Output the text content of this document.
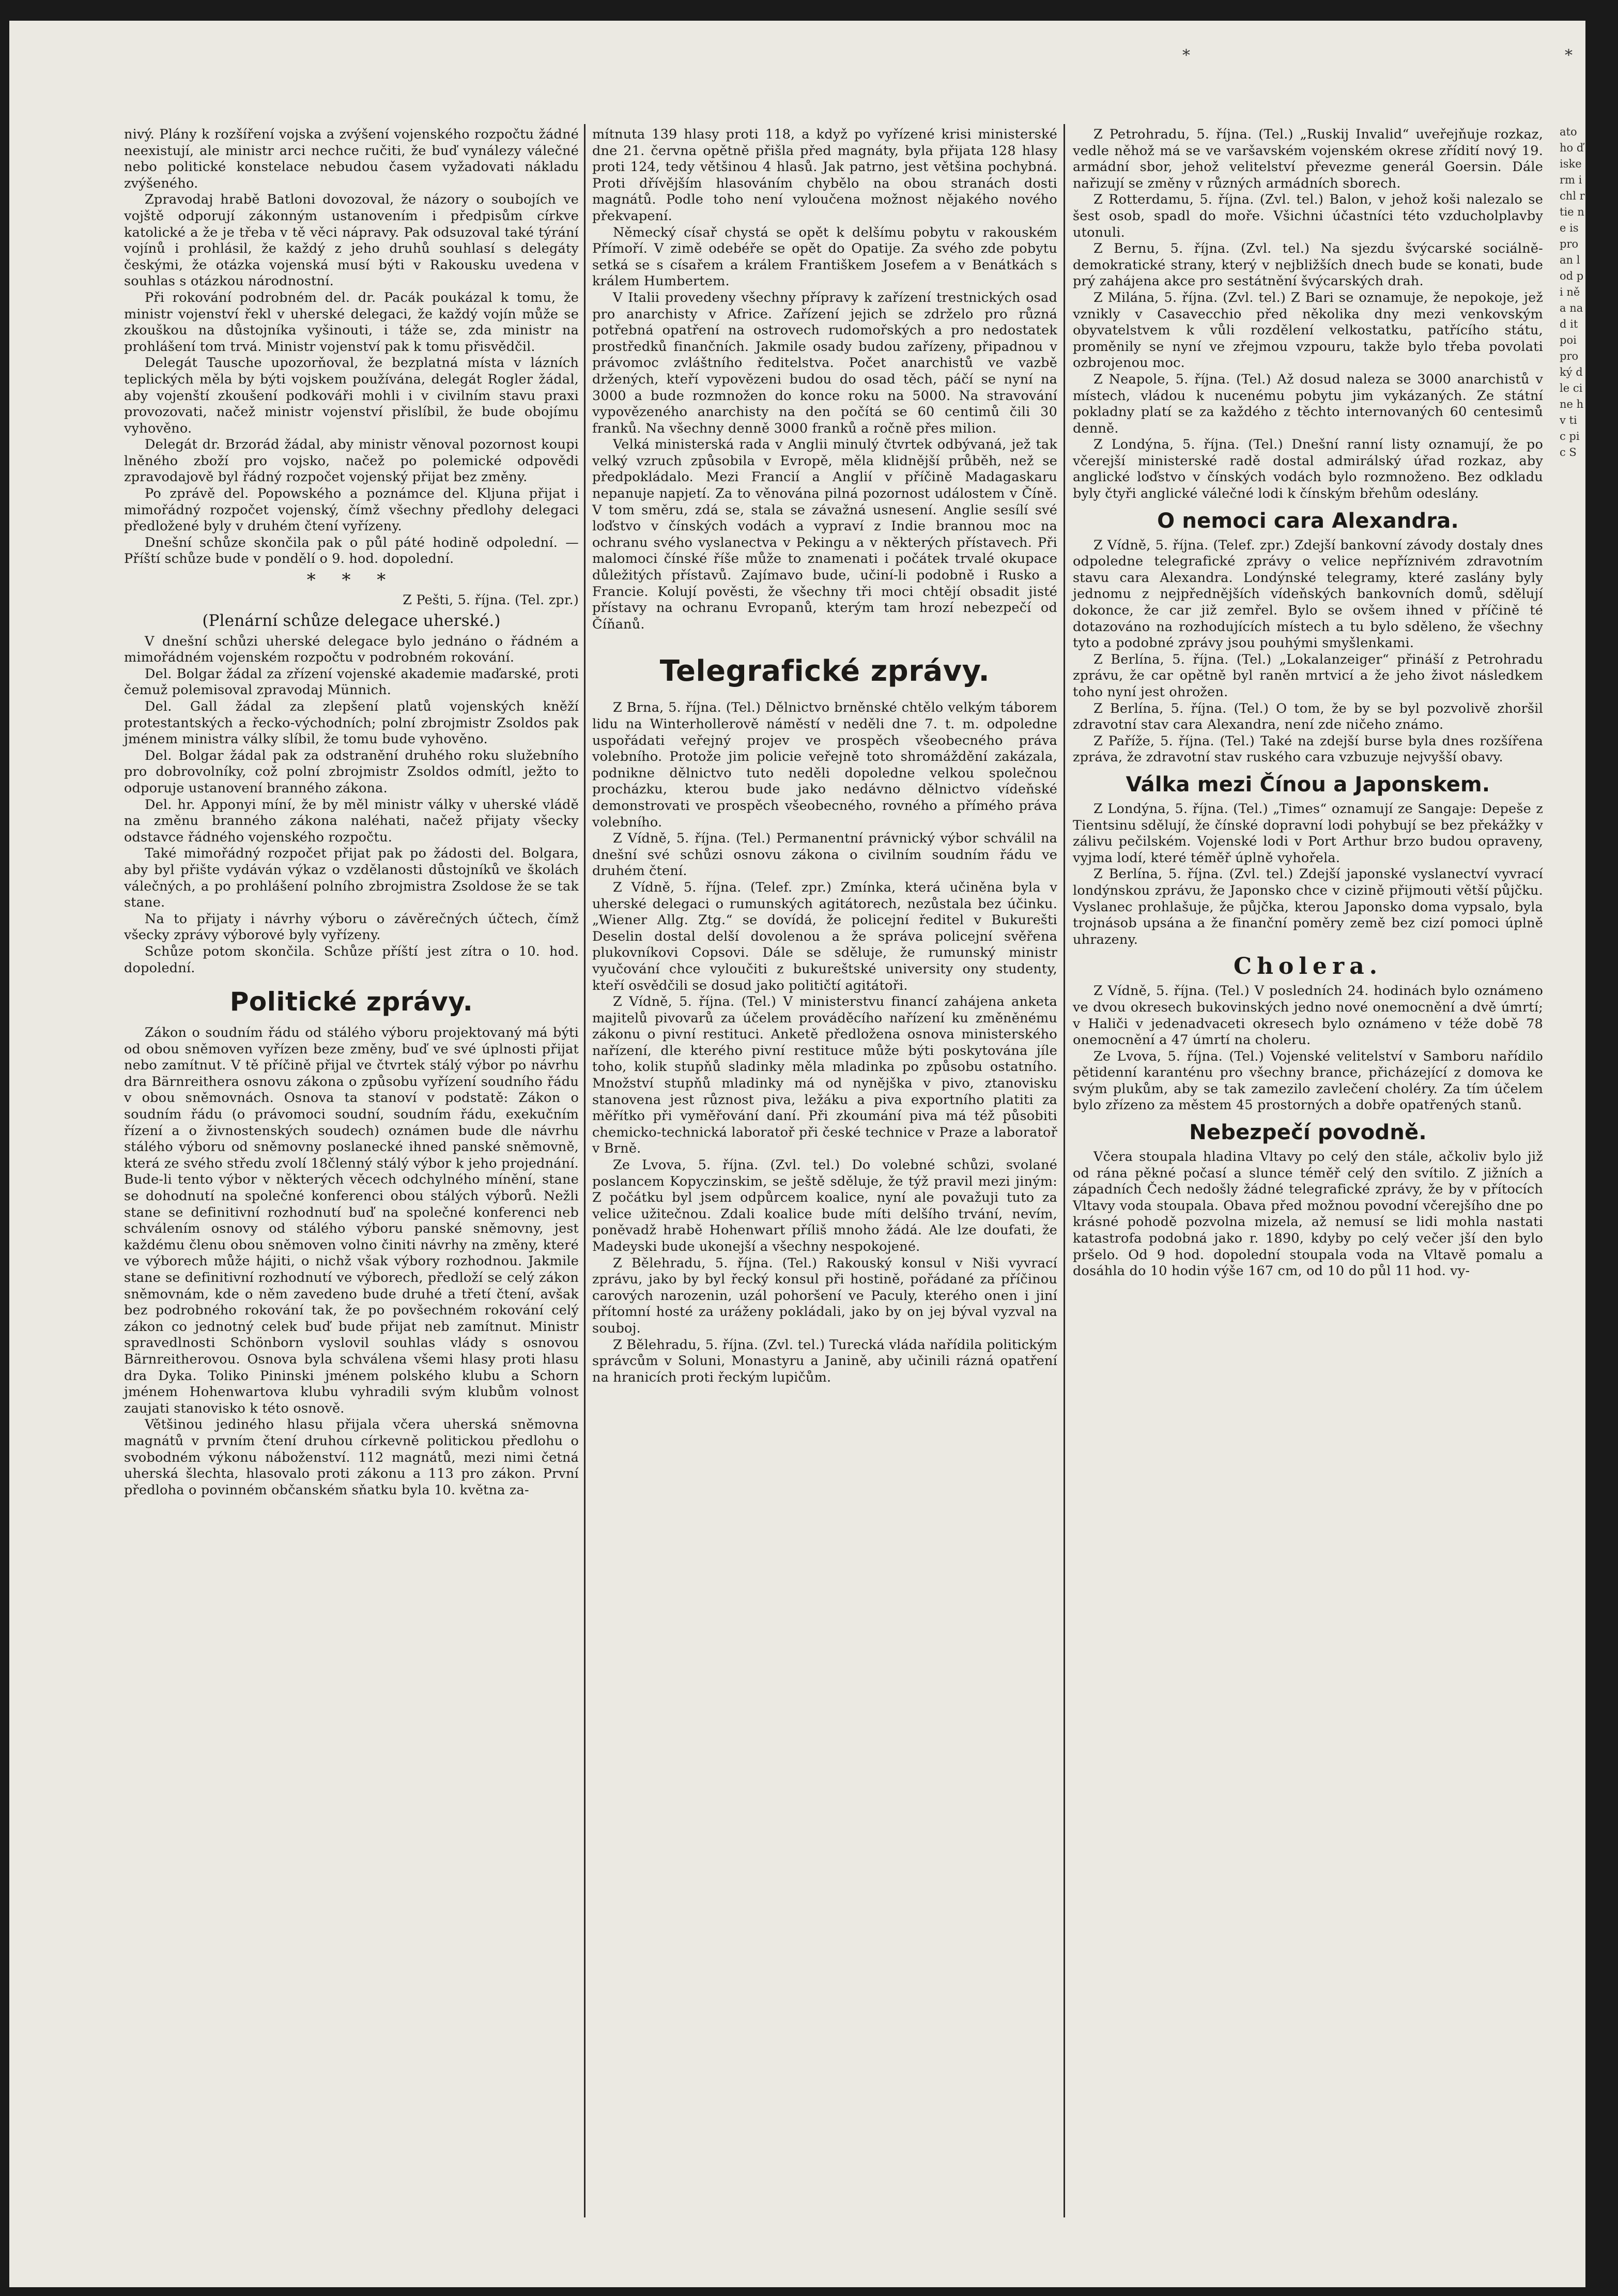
*	*

nivý. Plány k rozšíření vojska a zvýšení vojenského rozpočtu žádné neexistují, ale ministr arci nechce ručiti, že buď vynálezy válečné nebo politické konstelace nebudou časem vyžadovati nákladu zvýšeného.

Zpravodaj hrabě Batloni dovozoval, že názory o soubojích ve vojště odporují zákonným ustanovením i předpisům církve katolické a že je třeba v tě věci nápravy. Pak odsuzoval také týrání vojínů i prohlásil, že každý z jeho druhů souhlasí s delegáty českými, že otázka vojenská musí býti v Rakousku uvedena v souhlas s otázkou národnostní.

Při rokování podrobném del. dr. Pacák poukázal k tomu, že ministr vojenství řekl v uherské delegaci, že každý vojín může se zkouškou na důstojníka vyšinouti, i táže se, zda ministr na prohlášení tom trvá. Ministr vojenství pak k tomu přisvědčil.

Delegát Tausche upozorňoval, že bezplatná místa v lázních teplických měla by býti vojskem používána, delegát Rogler žádal, aby vojenští zkoušení podkováři mohli i v civilním stavu praxi provozovati, načež ministr vojenství přislíbil, že bude obojímu vyhověno.

Delegát dr. Brzorád žádal, aby ministr věnoval pozornost koupi lněného zboží pro vojsko, načež po polemické odpovědi zpravodajově byl řádný rozpočet vojenský přijat bez změny.

Po zprávě del. Popowského a poznámce del. Kljuna přijat i mimořádný rozpočet vojenský, čímž všechny předlohy delegaci předložené byly v druhém čtení vyřízeny.

Dnešní schůze skončila pak o půl páté hodině odpolední. — Příští schůze bude v pondělí o 9. hod. dopolední.

* * *
Z Pešti, 5. října. (Tel. zpr.)
(Plenární schůze delegace uherské.)

V dnešní schůzi uherské delegace bylo jednáno o řádném a mimořádném vojenském rozpočtu v podrobném rokování.

Del. Bolgar žádal za zřízení vojenské akademie maďarské, proti čemuž polemisoval zpravodaj Münnich.

Del. Gall žádal za zlepšení platů vojenských kněží protestantských a řecko-východních; polní zbrojmistr Zsoldos pak jménem ministra války slíbil, že tomu bude vyhověno.

Del. Bolgar žádal pak za odstranění druhého roku služebního pro dobrovolníky, což polní zbrojmistr Zsoldos odmítl, ježto to odporuje ustanovení branného zákona.

Del. hr. Apponyi míní, že by měl ministr války v uherské vládě na změnu branného zákona naléhati, načež přijaty všecky odstavce řádného vojenského rozpočtu.

Také mimořádný rozpočet přijat pak po žádosti del. Bolgara, aby byl přište vydáván výkaz o vzdělanosti důstojníků ve školách válečných, a po prohlášení polního zbrojmistra Zsoldose že se tak stane.

Na to přijaty i návrhy výboru o závěrečných účtech, čímž všecky zprávy výborové byly vyřízeny.

Schůze potom skončila. Schůze příští jest zítra o 10. hod. dopolední.

Politické zprávy.

Zákon o soudním řádu od stálého výboru projektovaný má býti od obou sněmoven vyřízen beze změny, buď ve své úplnosti přijat nebo zamítnut. V tě příčině přijal ve čtvrtek stálý výbor po návrhu dra Bärnreithera osnovu zákona o způsobu vyřízení soudního řádu v obou sněmovnách. Osnova ta stanoví v podstatě: Zákon o soudním řádu (o právomoci soudní, soudním řádu, exekučním řízení a o živnostenských soudech) oznámen bude dle návrhu stálého výboru od sněmovny poslanecké ihned panské sněmovně, která ze svého středu zvolí 18členný stálý výbor k jeho projednání. Bude-li tento výbor v některých věcech odchylného mínění, stane se dohodnutí na společné konferenci obou stálých výborů. Nežli stane se definitivní rozhodnutí buď na společné konferenci neb schválením osnovy od stálého výboru panské sněmovny, jest každému členu obou sněmoven volno činiti návrhy na změny, které ve výborech může hájiti, o nichž však výbory rozhodnou. Jakmile stane se definitivní rozhodnutí ve výborech, předloží se celý zákon sněmovnám, kde o něm zavedeno bude druhé a třetí čtení, avšak bez podrobného rokování tak, že po povšechném rokování celý zákon co jednotný celek buď bude přijat neb zamítnut. Ministr spravedlnosti Schönborn vyslovil souhlas vlády s osnovou Bärnreitherovou. Osnova byla schválena všemi hlasy proti hlasu dra Dyka. Toliko Pininski jménem polského klubu a Schorn jménem Hohenwartova klubu vyhradili svým klubům volnost zaujati stanovisko k této osnově.

Většinou jediného hlasu přijala včera uherská sněmovna magnátů v prvním čtení druhou církevně politickou předlohu o svobodném výkonu náboženství. 112 magnátů, mezi nimi četná uherská šlechta, hlasovalo proti zákonu a 113 pro zákon. První předloha o povinném občanském sňatku byla 10. května za-

mítnuta 139 hlasy proti 118, a když po vyřízené krisi ministerské dne 21. června opětně přišla před magnáty, byla přijata 128 hlasy proti 124, tedy většinou 4 hlasů. Jak patrno, jest většina pochybná. Proti dřívějším hlasováním chybělo na obou stranách dosti magnátů. Podle toho není vyloučena možnost nějakého nového překvapení.

Německý císař chystá se opět k delšímu pobytu v rakouském Přímoří. V zimě odebéře se opět do Opatije. Za svého zde pobytu setká se s císařem a králem Františkem Josefem a v Benátkách s králem Humbertem.

V Italii provedeny všechny přípravy k zařízení trestnických osad pro anarchisty v Africe. Zařízení jejich se zdrželo pro různá potřebná opatření na ostrovech rudomořských a pro nedostatek prostředků finančních. Jakmile osady budou zařízeny, připadnou v právomoc zvláštního ředitelstva. Počet anarchistů ve vazbě držených, kteří vypovězeni budou do osad těch, páčí se nyní na 3000 a bude rozmnožen do konce roku na 5000. Na stravování vypovězeného anarchisty na den počítá se 60 centimů čili 30 franků. Na všechny denně 3000 franků a ročně přes milion.

Velká ministerská rada v Anglii minulý čtvrtek odbývaná, jež tak velký vzruch způsobila v Evropě, měla klidnější průběh, než se předpokládalo. Mezi Francií a Anglií v příčině Madagaskaru nepanuje napjetí. Za to věnována pilná pozornost událostem v Číně. V tom směru, zdá se, stala se závažná usnesení. Anglie sesílí své loďstvo v čínských vodách a vypraví z Indie brannou moc na ochranu svého vyslanectva v Pekingu a v některých přístavech. Při malomoci čínské říše může to znamenati i počátek trvalé okupace důležitých přístavů. Zajímavo bude, učiní-li podobně i Rusko a Francie. Kolují pověsti, že všechny tři moci chtějí obsadit jisté přístavy na ochranu Evropanů, kterým tam hrozí nebezpečí od Číňanů.

Telegrafické zprávy.

Z Brna, 5. října. (Tel.) Dělnictvo brněnské chtělo velkým táborem lidu na Winterhollerově náměstí v neděli dne 7. t. m. odpoledne uspořádati veřejný projev ve prospěch všeobecného práva volebního. Protože jim policie veřejně toto shromáždění zakázala, podnikne dělnictvo tuto neděli dopoledne velkou společnou procházku, kterou bude jako nedávno dělnictvo vídeňské demonstrovati ve prospěch všeobecného, rovného a přímého práva volebního.

Z Vídně, 5. října. (Tel.) Permanentní právnický výbor schválil na dnešní své schůzi osnovu zákona o civilním soudním řádu ve druhém čtení.

Z Vídně, 5. října. (Telef. zpr.) Zmínka, která učiněna byla v uherské delegaci o rumunských agitátorech, nezůstala bez účinku. „Wiener Allg. Ztg.“ se dovídá, že policejní ředitel v Bukurešti Deselin dostal delší dovolenou a že správa policejní svěřena plukovníkovi Copsovi. Dále se sděluje, že rumunský ministr vyučování chce vyloučiti z bukureštské university ony studenty, kteří osvědčili se dosud jako političtí agitátoři.

Z Vídně, 5. října. (Tel.) V ministerstvu financí zahájena anketa majitelů pivovarů za účelem prováděcího nařízení ku změněnému zákonu o pivní restituci. Anketě předložena osnova ministerského nařízení, dle kterého pivní restituce může býti poskytována jíle toho, kolik stupňů sladinky měla mladinka po způsobu ostatního. Množství stupňů mladinky má od nynějška v pivo, ztanovisku stanovena jest různost piva, ležáku a piva exportního platiti za měřítko při vyměřování daní. Při zkoumání piva má též působiti chemicko-technická laboratoř při české technice v Praze a laboratoř v Brně.

Ze Lvova, 5. října. (Zvl. tel.) Do volebné schůzi, svolané poslancem Kopyczinskim, se ještě sděluje, že týž pravil mezi jiným: Z počátku byl jsem odpůrcem koalice, nyní ale považuji tuto za velice užitečnou. Zdali koalice bude míti delšího trvání, nevím, poněvadž hrabě Hohenwart příliš mnoho žádá. Ale lze doufati, že Madeyski bude ukonejší a všechny nespokojené.

Z Bělehradu, 5. října. (Tel.) Rakouský konsul v Niši vyvrací zprávu, jako by byl řecký konsul při hostině, pořádané za příčinou carových narozenin, uzál pohoršení ve Paculy, kterého onen i jiní přítomní hosté za uráženy pokládali, jako by on jej býval vyzval na souboj.

Z Bělehradu, 5. října. (Zvl. tel.) Turecká vláda nařídila politickým správcům v Soluni, Monastyru a Janině, aby učinili rázná opatření na hranicích proti řeckým lupičům.

Z Petrohradu, 5. října. (Tel.) „Ruskij Invalid“ uveřejňuje rozkaz, vedle něhož má se ve varšavském vojenském okrese zřídití nový 19. armádní sbor, jehož velitelství převezme generál Goersin. Dále nařizují se změny v různých armádních sborech.

Z Rotterdamu, 5. října. (Zvl. tel.) Balon, v jehož koši nalezalo se šest osob, spadl do moře. Všichni účastníci této vzducholplavby utonuli.

Z Bernu, 5. října. (Zvl. tel.) Na sjezdu švýcarské sociálně-demokratické strany, který v nejbližších dnech bude se konati, bude prý zahájena akce pro sestátnění švýcarských drah.

Z Milána, 5. října. (Zvl. tel.) Z Bari se oznamuje, že nepokoje, jež vznikly v Casavecchio před několika dny mezi venkovským obyvatelstvem k vůli rozdělení velkostatku, patřícího státu, proměnily se nyní ve zřejmou vzpouru, takže bylo třeba povolati ozbrojenou moc.

Z Neapole, 5. října. (Tel.) Až dosud naleza se 3000 anarchistů v místech, vládou k nucenému pobytu jim vykázaných. Ze státní pokladny platí se za každého z těchto internovaných 60 centesimů denně.

Z Londýna, 5. října. (Tel.) Dnešní ranní listy oznamují, že po včerejší ministerské radě dostal admirálský úřad rozkaz, aby anglické loďstvo v čínských vodách bylo rozmnoženo. Bez odkladu byly čtyři anglické válečné lodi k čínským břehům odeslány.

O nemoci cara Alexandra.

Z Vídně, 5. října. (Telef. zpr.) Zdejší bankovní závody dostaly dnes odpoledne telegrafické zprávy o velice nepříznivém zdravotním stavu cara Alexandra. Londýnské telegramy, které zaslány byly jednomu z nejpřednějších vídeňských bankovních domů, sdělují dokonce, že car již zemřel. Bylo se ovšem ihned v příčině té dotazováno na rozhodujících místech a tu bylo sděleno, že všechny tyto a podobné zprávy jsou pouhými smyšlenkami.

Z Berlína, 5. října. (Tel.) „Lokalanzeiger“ přináší z Petrohradu zprávu, že car opětně byl raněn mrtvicí a že jeho život následkem toho nyní jest ohrožen.

Z Berlína, 5. října. (Tel.) O tom, že by se byl pozvolivě zhoršil zdravotní stav cara Alexandra, není zde ničeho známo.

Z Paříže, 5. října. (Tel.) Také na zdejší burse byla dnes rozšířena zpráva, že zdravotní stav ruského cara vzbuzuje nejvyšší obavy.

Válka mezi Čínou a Japonskem.

Z Londýna, 5. října. (Tel.) „Times“ oznamují ze Sangaje: Depeše z Tientsinu sdělují, že čínské dopravní lodi pohybují se bez překážky v zálivu pečilském. Vojenské lodi v Port Arthur brzo budou opraveny, vyjma lodí, které téměř úplně vyhořela.

Z Berlína, 5. října. (Zvl. tel.) Zdejší japonské vyslanectví vyvrací londýnskou zprávu, že Japonsko chce v cizině přijmouti větší půjčku. Vyslanec prohlašuje, že půjčka, kterou Japonsko doma vypsalo, byla trojnásob upsána a že finanční poměry země bez cizí pomoci úplně uhrazeny.

Cholera.

Z Vídně, 5. října. (Tel.) V posledních 24. hodinách bylo oznámeno ve dvou okresech bukovinských jedno nové onemocnění a dvě úmrtí; v Haliči v jedenadvaceti okresech bylo oznámeno v téže době 78 onemocnění a 47 úmrtí na choleru.

Ze Lvova, 5. října. (Tel.) Vojenské velitelství v Samboru nařídilo pětidenní karanténu pro všechny brance, přicházející z domova ke svým plukům, aby se tak zamezilo zavlečení choléry. Za tím účelem bylo zřízeno za městem 45 prostorných a dobře opatřených stanů.

Nebezpečí povodně.

Včera stoupala hladina Vltavy po celý den stále, ačkoliv bylo již od rána pěkné počasí a slunce téměř celý den svítilo. Z jižních a západních Čech nedošly žádné telegrafické zprávy, že by v přítocích Vltavy voda stoupala. Obava před možnou povodní včerejšího dne po krásné pohodě pozvolna mizela, až nemusí se lidi mohla nastati katastrofa podobná jako r. 1890, kdyby po celý večer jší den bylo pršelo. Od 9 hod. dopolední stoupala voda na Vltavě pomalu a dosáhla do 10 hodin výše 167 cm, od 10 do půl 11 hod. vy-

ato ho ďiskerm i chl rtie ne is pro an lod pi ně a nad it poi pro ký dle ci ne hv ti c pic S
